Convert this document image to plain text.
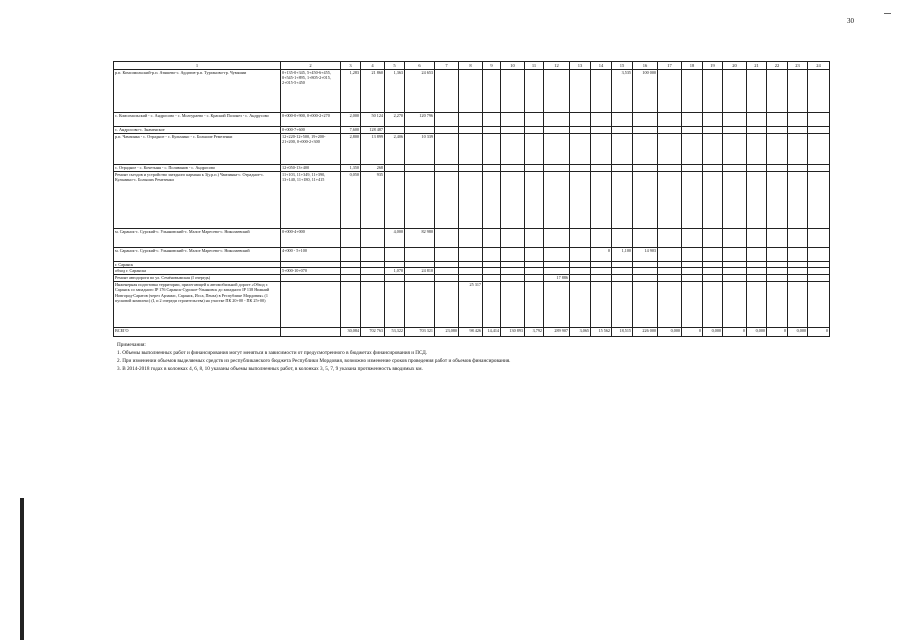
30
1	2	3	4	5	6	7	8	9	10	11	12	13	14	15	16	17	18	19	20	21	22	23	24
р.п. Комсомольский-р.п. Атяшево-с. Ардатов-р.п. Турганово-гр. Чувашии	0+135-0+345, 5+450-6+455, 0+545-1+895, 1+805-2+015, 2+015-5+450	1,283	21 860	1,363	24 653									3,535	100 000								
с. Комсомольский - с. Андросово - с. Молгураево - с. Краский Полонез - с. Андрусово	0+000-0+900, 0+000-2+270	2,000	50 124	2,270	120 796																		
с. Андросово-с. Знаменское	0+000-7+600	7,600	128 487																				
р.п. Чамзинка - с. Отрадное - с. Кульмино - с. Большие Ремезенки	12+220-12+500, 19+200-21+200, 0+000-2+300	2,800	13 899	2,406	10 339																		
с. Отрадное - с. Кочетыня - с. Поливанов - с. Андросово	12+050-13+400	1,350	268																				
Ремонт съездов и устройство заездного кармана к 3(у.р.п.) Чамзинка-с. Отрадное-с. Кульмино-с. Больших Ремезенки	11+103, 11+349, 11+390, 13+140, 11+180, 11+415	0,050	935																				
м. Саранск-с. Сурский-с. Ульяновский-с. Малое Маресево-с. Николаевский	0+000-4+000			4,000	82 980																		
м. Саранск-с. Сурский-с. Ульяновский-с. Малое Маресево-с. Николаевский	4+000 - 5+100												0	1,100	14 903								
г. Саранск																							
обход г. Саранска	5+000-10+070			1,070	24 810																		
Ремонт автодороги по ул. Семёновымская (I очередь)											17 886												
Инженерная подготовка территории, прилегающей к автомобильной дороге «Обход г. Саранск со западного IP 176 Саранск-Сурское-Ульяновск до западного IP 138 Нижний Новгород-Саратов (через Арзамас, Саранск, Исса, Пенза) в Республике Мордовия» (1 пусковой комплекс) (I, и 2 очереди строительства) на участке ПК 20+00 - ПК 25+00)							25 317																
ВСЕГО		30,084	702 763	53,322	703 321	23,080	98 426	14,414	130 893	3,792	289 907	3,065	15 562	18,515	226 000	0,000	0	0,000	0	0,000	0	0,000	0
Примечания:
1. Объемы выполненных работ и финансирования могут меняться в зависимости от предусмотренного в бюджетах финансирования и ПСД.
2. При изменении объемов выделяемых средств из республиканского бюджета Республики Мордовия, возможно изменение сроков проведения работ и объемов финансирования.
3. В 2014-2018 годах в колонках 4, 6, 8, 10 указаны объемы выполненных работ, в колонках 3, 5, 7, 9 указана протяженность вводимых км.
